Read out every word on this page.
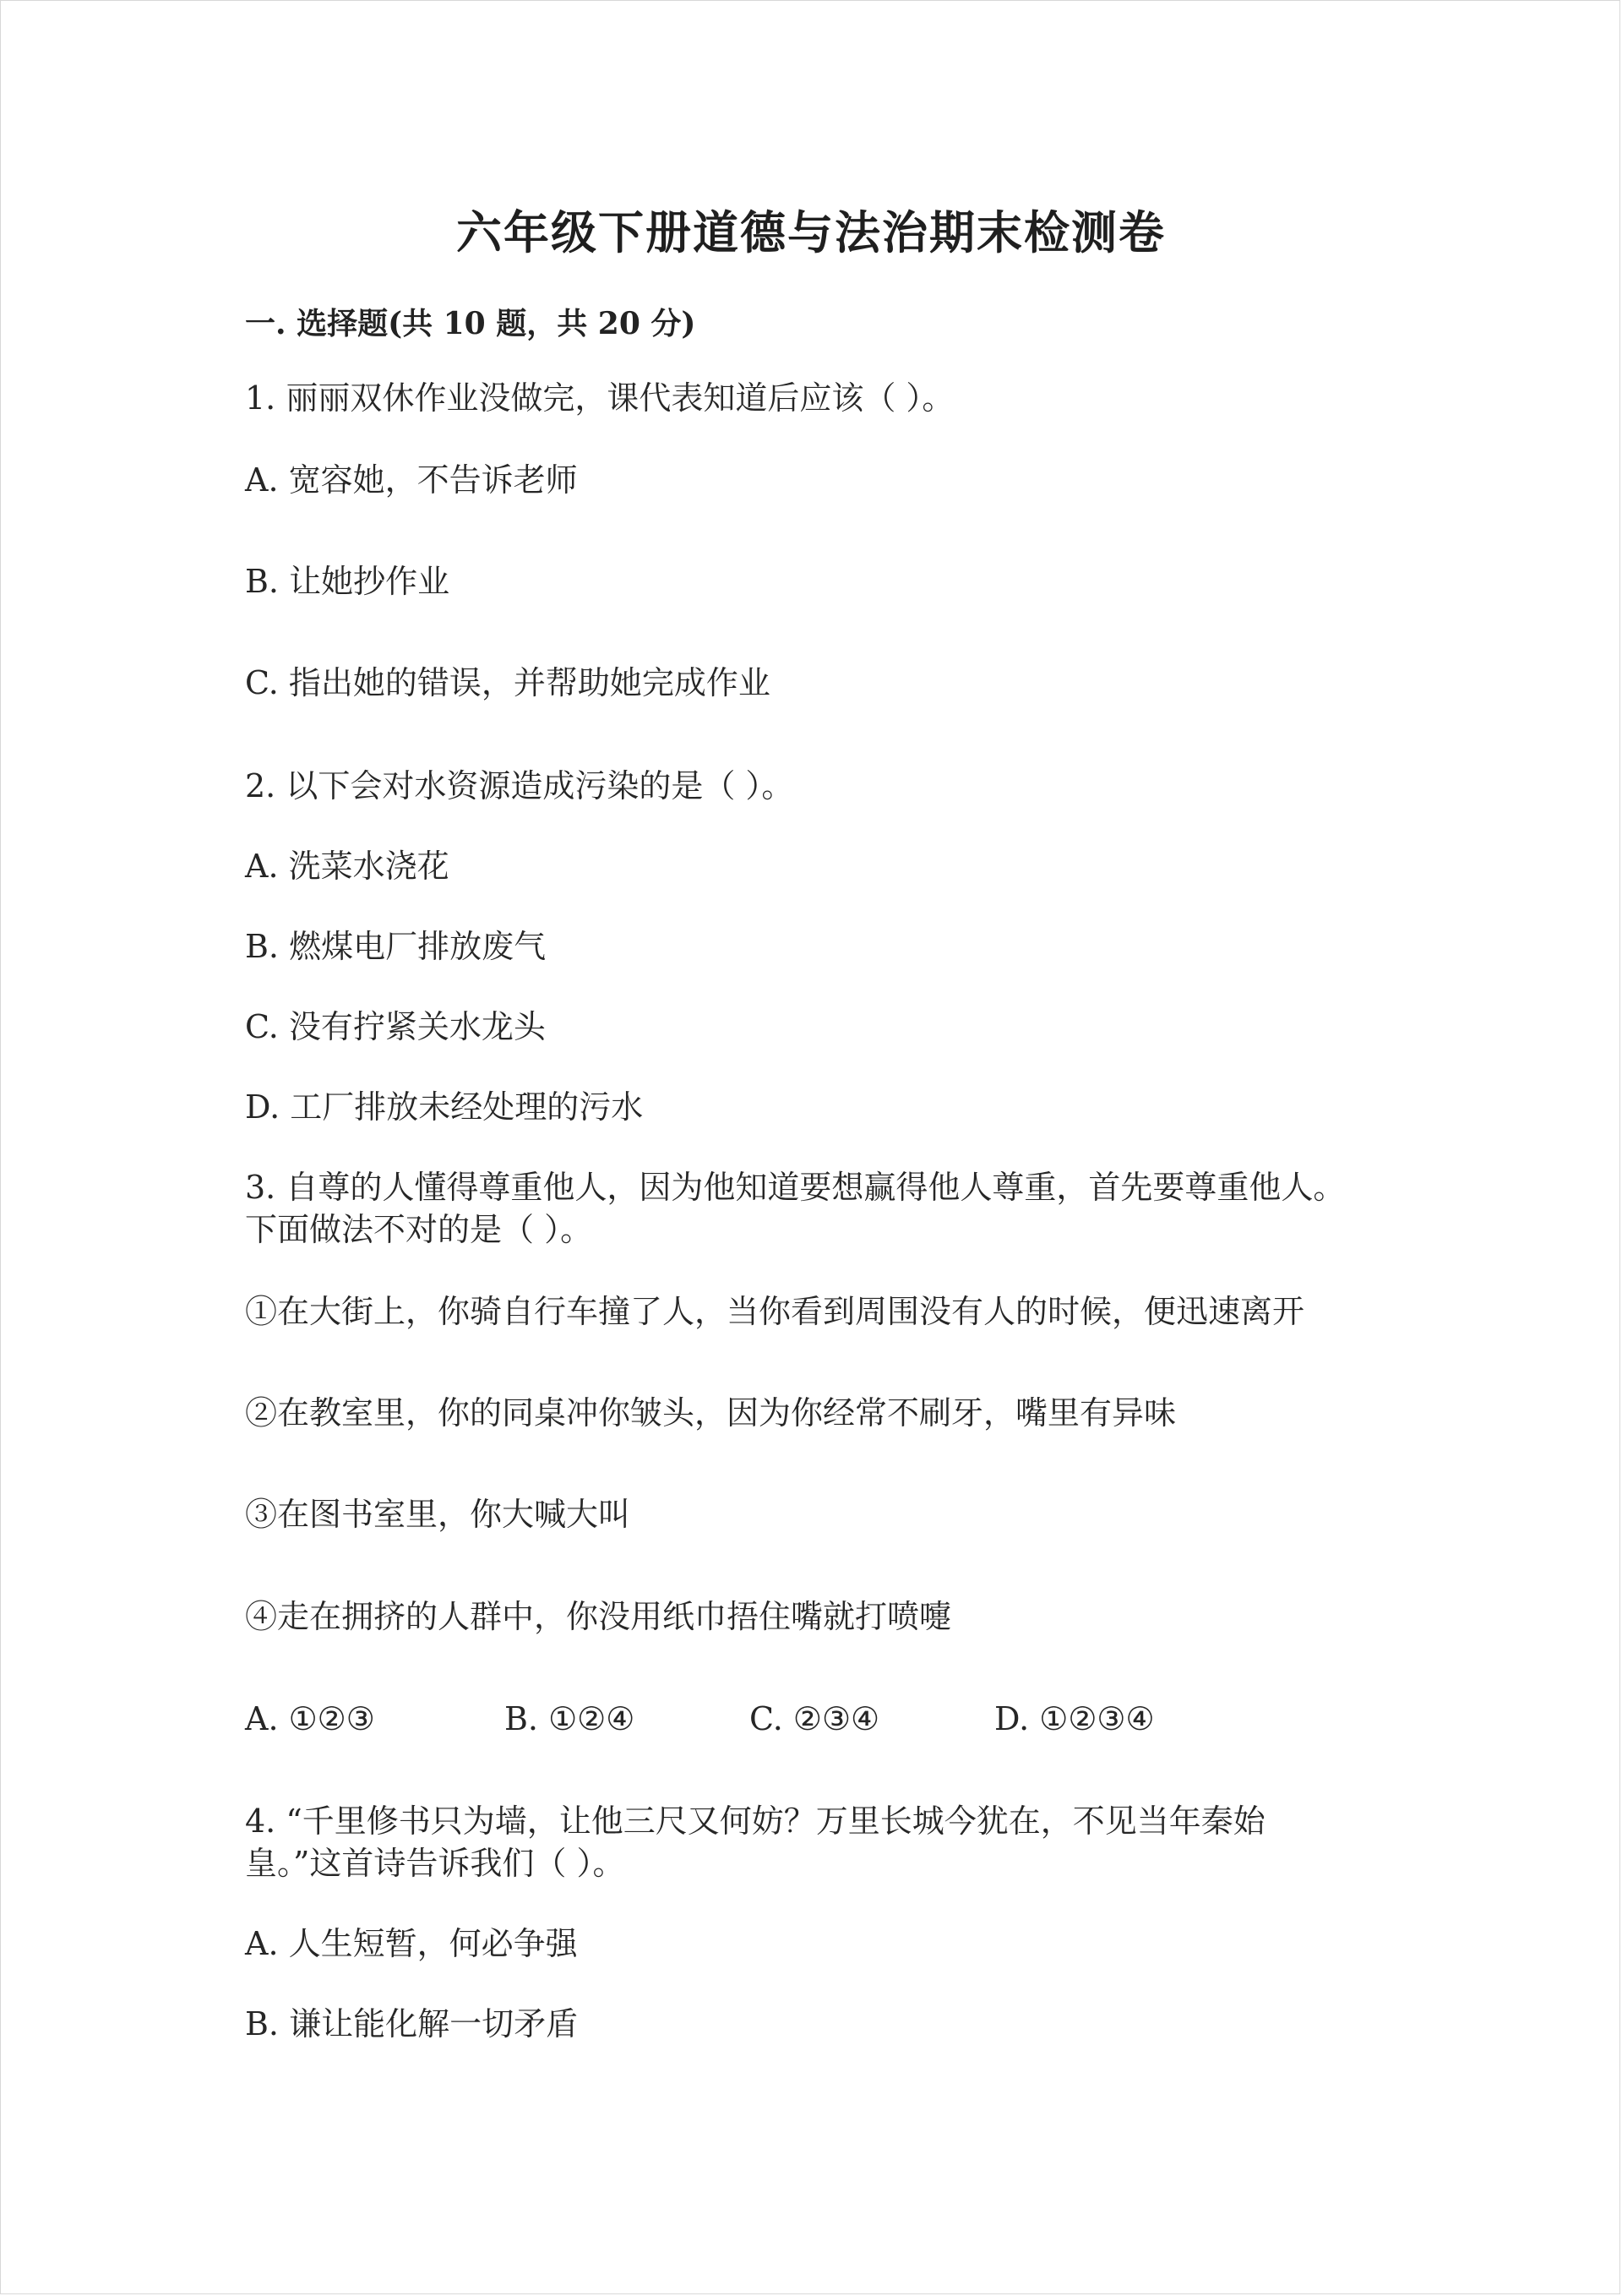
六年级下册道德与法治期末检测卷
一. 选择题(共 10 题，共 20 分)
1. 丽丽双休作业没做完，课代表知道后应该（ ）。
A. 宽容她，不告诉老师
B. 让她抄作业
C. 指出她的错误，并帮助她完成作业
2. 以下会对水资源造成污染的是（ ）。
A. 洗菜水浇花
B. 燃煤电厂排放废气
C. 没有拧紧关水龙头
D. 工厂排放未经处理的污水
3. 自尊的人懂得尊重他人，因为他知道要想赢得他人尊重，首先要尊重他人。
下面做法不对的是（ ）。
①在大街上，你骑自行车撞了人，当你看到周围没有人的时候，便迅速离开
②在教室里，你的同桌冲你皱头，因为你经常不刷牙，嘴里有异味
③在图书室里，你大喊大叫
④走在拥挤的人群中，你没用纸巾捂住嘴就打喷嚏
A. ①②③	B. ①②④	C. ②③④	D. ①②③④
4. “千里修书只为墙，让他三尺又何妨？万里长城今犹在，不见当年秦始
皇。”这首诗告诉我们（ ）。
A. 人生短暂，何必争强
B. 谦让能化解一切矛盾
